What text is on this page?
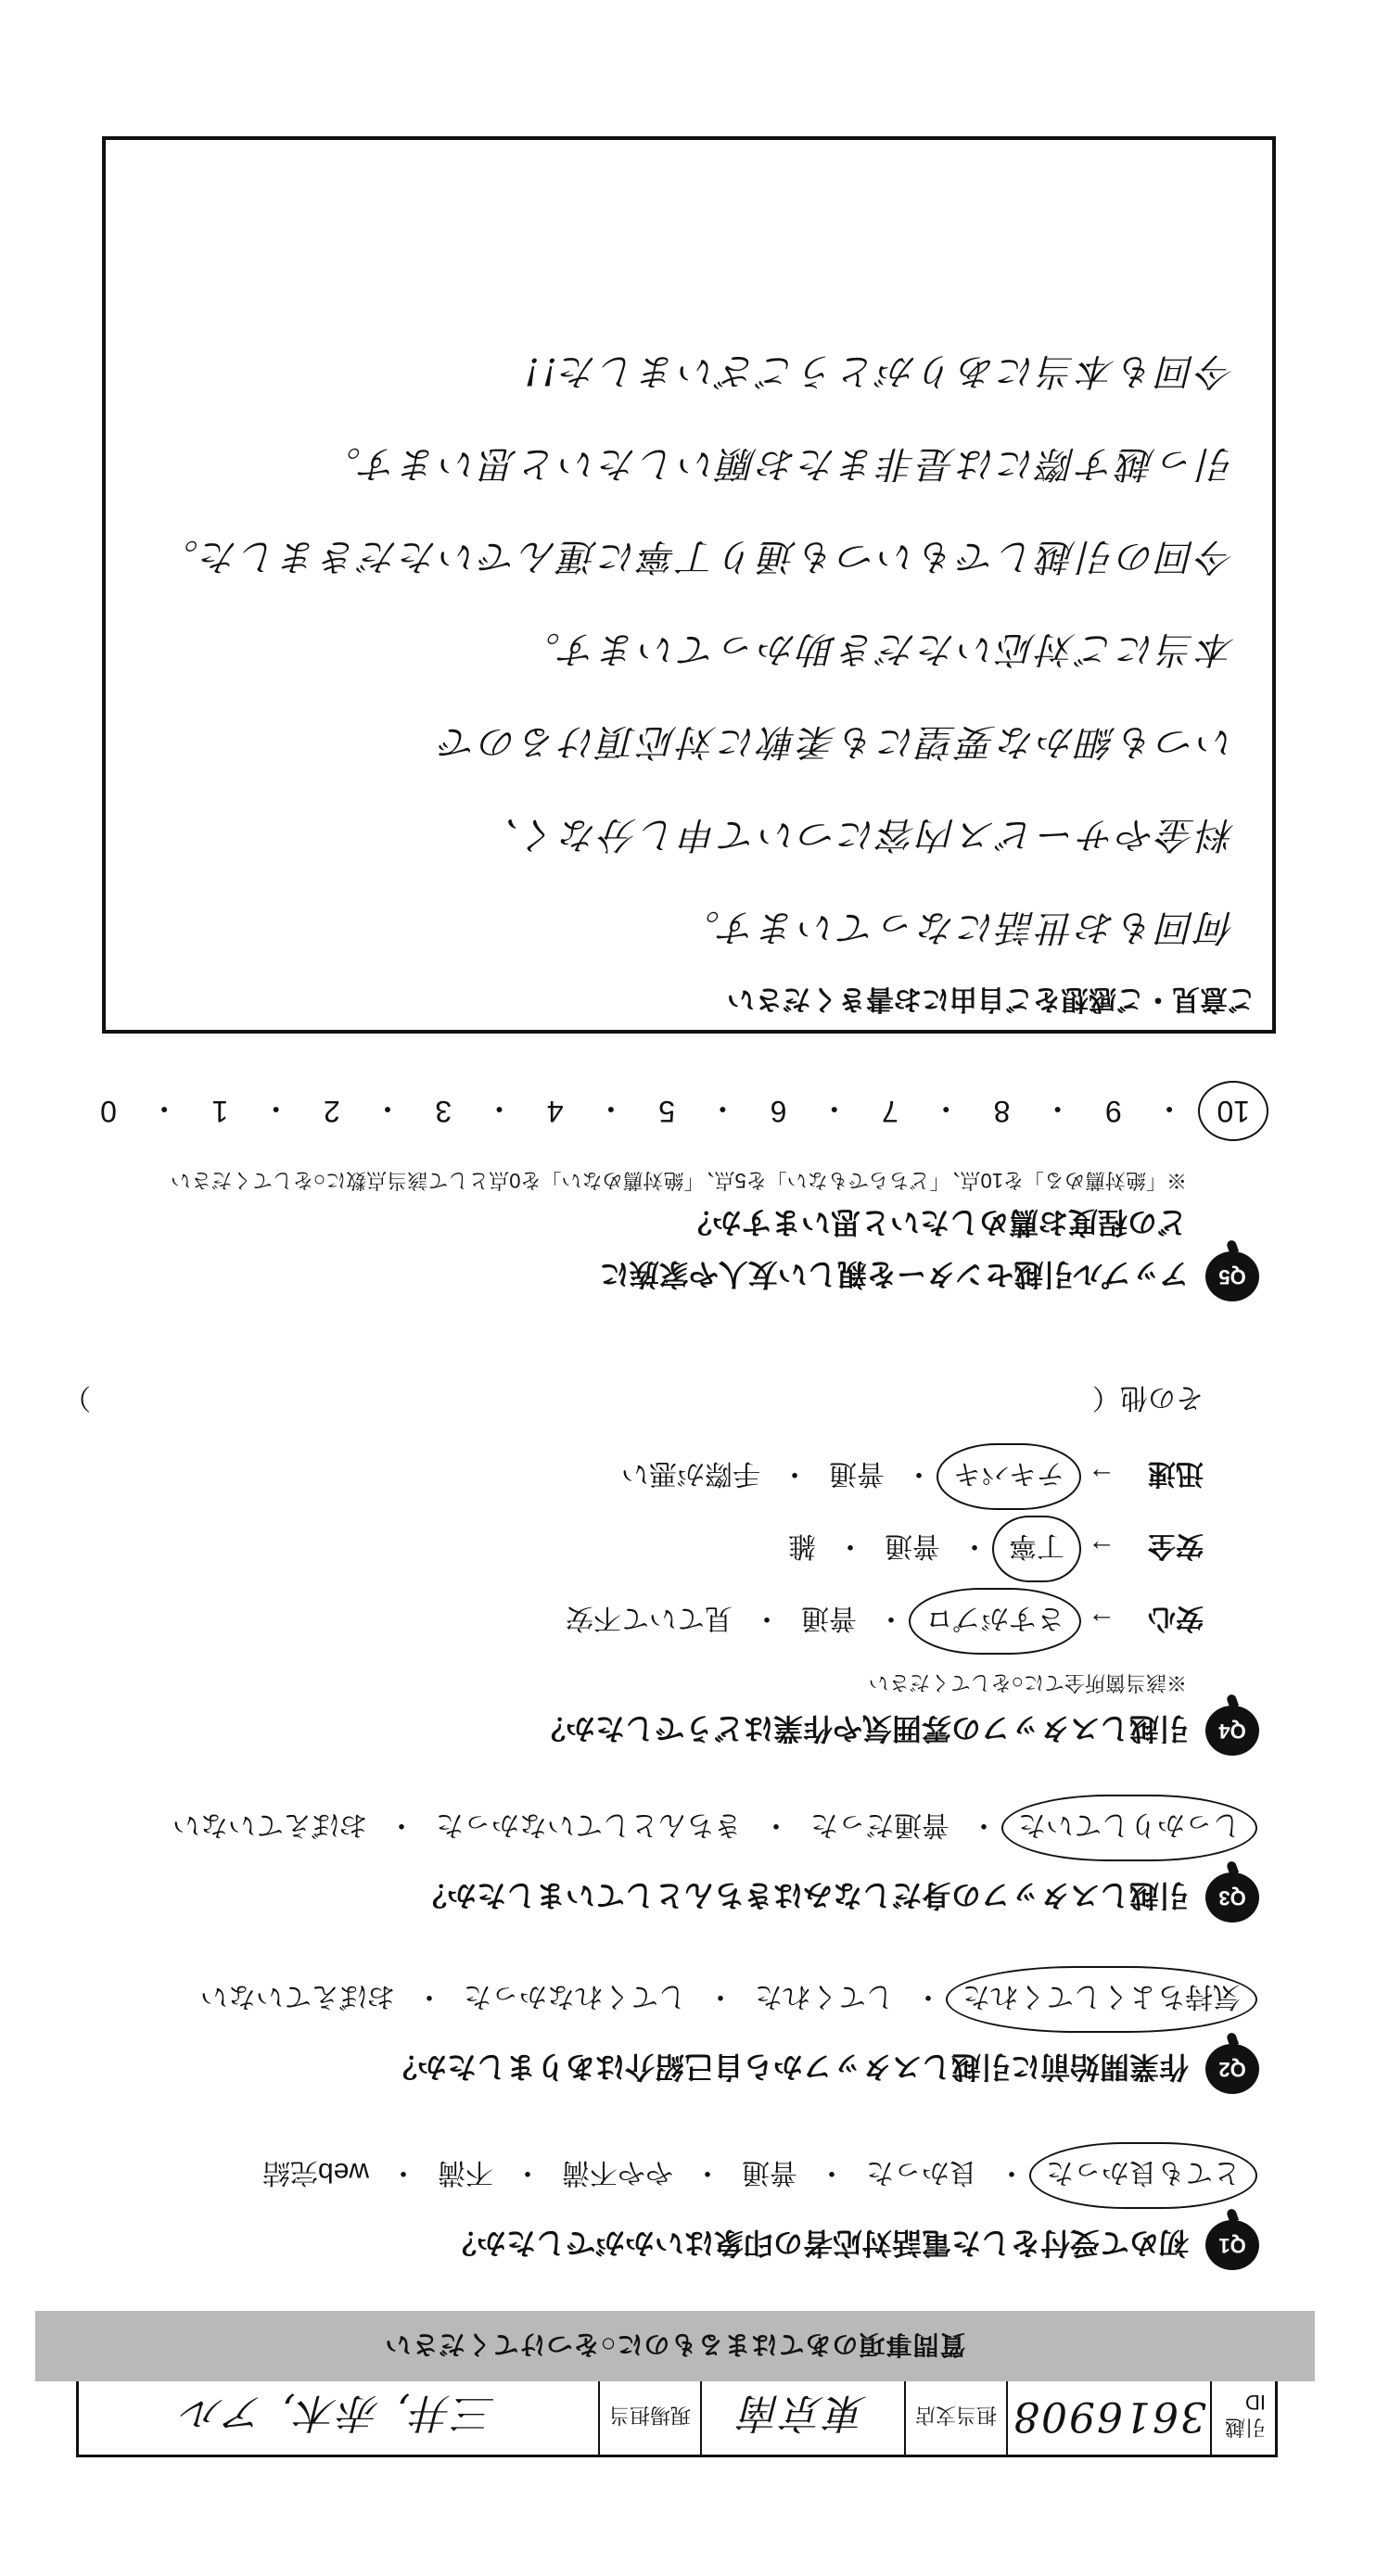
引越ID
3616908
担当支店
東京南
現場担当
三井, 赤木, アル
質問事項のあてはまるものに○をつけてください
Q1
初めて受付をした電話対応者の印象はいかがでしたか？
とても良かった
・
良かった
・
普通
・
やや不満
・
不満
・
web完結
Q2
作業開始前に引越しスタッフから自己紹介はありましたか？
気持ちよくしてくれた
・
してくれた
・
してくれなかった
・
おぼえていない
Q3
引越しスタッフの身だしなみはきちんとしていましたか？
しっかりしていた
・
普通だった
・
きちんとしていなかった
・
おぼえていない
Q4
引越しスタッフの雰囲気や作業はどうでしたか？
※該当箇所全てに○をしてください
安心
→
さすがプロ
・
普通
・
見ていて不安
安全
→
丁寧
・
普通
・
雑
迅速
→
テキパキ
・
普通
・
手際が悪い
その他（
）
Q5
アップル引越センターを親しい友人や家族に
どの程度お薦めしたいと思いますか？
※「絶対薦める」を10点、「どちらでもない」を5点、「絶対薦めない」を0点として該当点数に○をしてください
10
・
9
・
8
・
7
・
6
・
5
・
4
・
3
・
2
・
1
・
0
ご意見・ご感想をご自由にお書きください
何回もお世話になっています。
料金やサービス内容について申し分なく、
いつも細かな要望にも柔軟に対応頂けるので
本当にご対応いただき助かっています。
今回の引越しでもいつも通り丁寧に運んでいただきました。
引っ越す際には是非またお願いしたいと思います。
今回も本当にありがとうございました!!
